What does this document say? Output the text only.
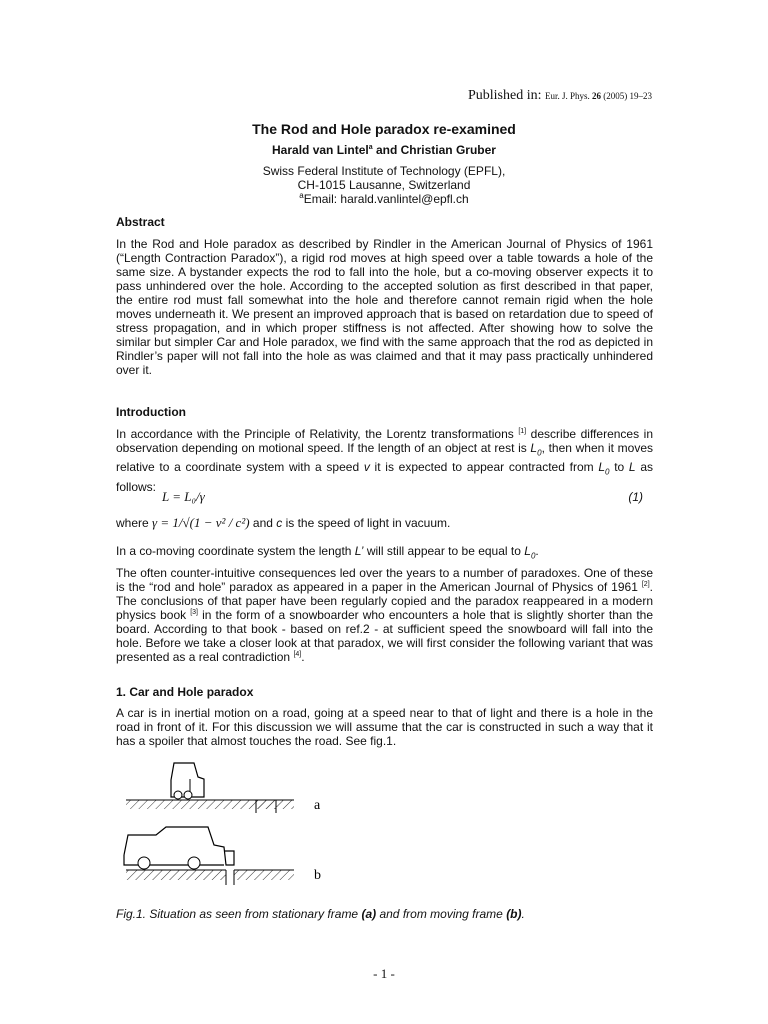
Published in: Eur. J. Phys. 26 (2005) 19–23
The Rod and Hole paradox re-examined
Harald van Lintel$^a$ and Christian Gruber
Swiss Federal Institute of Technology (EPFL),
CH-1015 Lausanne, Switzerland
$^a$Email: harald.vanlintel@epfl.ch
Abstract
In the Rod and Hole paradox as described by Rindler in the American Journal of Physics of 1961 (“Length Contraction Paradox”), a rigid rod moves at high speed over a table towards a hole of the same size. A bystander expects the rod to fall into the hole, but a co-moving observer expects it to pass unhindered over the hole. According to the accepted solution as first described in that paper, the entire rod must fall somewhat into the hole and therefore cannot remain rigid when the hole moves underneath it. We present an improved approach that is based on retardation due to speed of stress propagation, and in which proper stiffness is not affected. After showing how to solve the similar but simpler Car and Hole paradox, we find with the same approach that the rod as depicted in Rindler’s paper will not fall into the hole as was claimed and that it may pass practically unhindered over it.
Introduction
In accordance with the Principle of Relativity, the Lorentz transformations [1] describe differences in observation depending on motional speed. If the length of an object at rest is $L_0$, then when it moves relative to a coordinate system with a speed v it is expected to appear contracted from $L_0$ to L as follows:
L = L₀/γ	(1)
where γ = 1/√(1 − v² / c²) and c is the speed of light in vacuum.
In a co-moving coordinate system the length L’ will still appear to be equal to $L_0$.
The often counter-intuitive consequences led over the years to a number of paradoxes. One of these is the “rod and hole” paradox as appeared in a paper in the American Journal of Physics of 1961 [2]. The conclusions of that paper have been regularly copied and the paradox reappeared in a modern physics book [3] in the form of a snowboarder who encounters a hole that is slightly shorter than the board. According to that book - based on ref.2 - at sufficient speed the snowboard will fall into the hole. Before we take a closer look at that paradox, we will first consider the following variant that was presented as a real contradiction [4].
1. Car and Hole paradox
A car is in inertial motion on a road, going at a speed near to that of light and there is a hole in the road in front of it. For this discussion we will assume that the car is constructed in such a way that it has a spoiler that almost touches the road. See fig.1.
a
b
Fig.1. Situation as seen from stationary frame (a) and from moving frame (b).
- 1 -
